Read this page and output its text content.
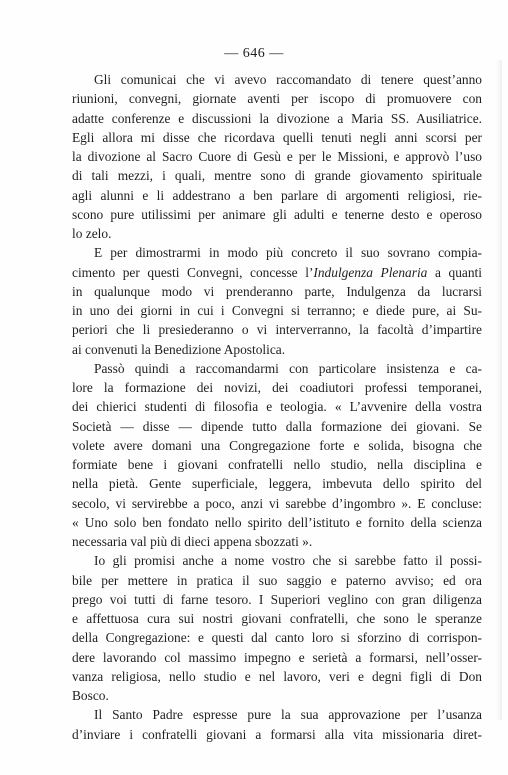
— 646 —
Gli comunicai che vi avevo raccomandato di tenere quest’anno
riunioni, convegni, giornate aventi per iscopo di promuovere con
adatte conferenze e discussioni la divozione a Maria SS. Ausiliatrice.
Egli allora mi disse che ricordava quelli tenuti negli anni scorsi per
la divozione al Sacro Cuore di Gesù e per le Missioni, e approvò l’uso
di tali mezzi, i quali, mentre sono di grande giovamento spirituale
agli alunni e li addestrano a ben parlare di argomenti religiosi, rie-
scono pure utilissimi per animare gli adulti e tenerne desto e operoso
lo zelo.
E per dimostrarmi in modo più concreto il suo sovrano compia-
cimento per questi Convegni, concesse l’Indulgenza Plenaria a quanti
in qualunque modo vi prenderanno parte, Indulgenza da lucrarsi
in uno dei giorni in cui i Convegni si terranno; e diede pure, ai Su-
periori che li presiederanno o vi interverranno, la facoltà d’impartire
ai convenuti la Benedizione Apostolica.
Passò quindi a raccomandarmi con particolare insistenza e ca-
lore la formazione dei novizi, dei coadiutori professi temporanei,
dei chierici studenti di filosofia e teologia. « L’avvenire della vostra
Società — disse — dipende tutto dalla formazione dei giovani. Se
volete avere domani una Congregazione forte e solida, bisogna che
formiate bene i giovani confratelli nello studio, nella disciplina e
nella pietà. Gente superficiale, leggera, imbevuta dello spirito del
secolo, vi servirebbe a poco, anzi vi sarebbe d’ingombro ». E concluse:
« Uno solo ben fondato nello spirito dell’istituto e fornito della scienza
necessaria val più di dieci appena sbozzati ».
Io gli promisi anche a nome vostro che si sarebbe fatto il possi-
bile per mettere in pratica il suo saggio e paterno avviso; ed ora
prego voi tutti di farne tesoro. I Superiori veglino con gran diligenza
e affettuosa cura sui nostri giovani confratelli, che sono le speranze
della Congregazione: e questi dal canto loro si sforzino di corrispon-
dere lavorando col massimo impegno e serietà a formarsi, nell’osser-
vanza religiosa, nello studio e nel lavoro, veri e degni figli di Don
Bosco.
Il Santo Padre espresse pure la sua approvazione per l’usanza
d’inviare i confratelli giovani a formarsi alla vita missionaria diret-
